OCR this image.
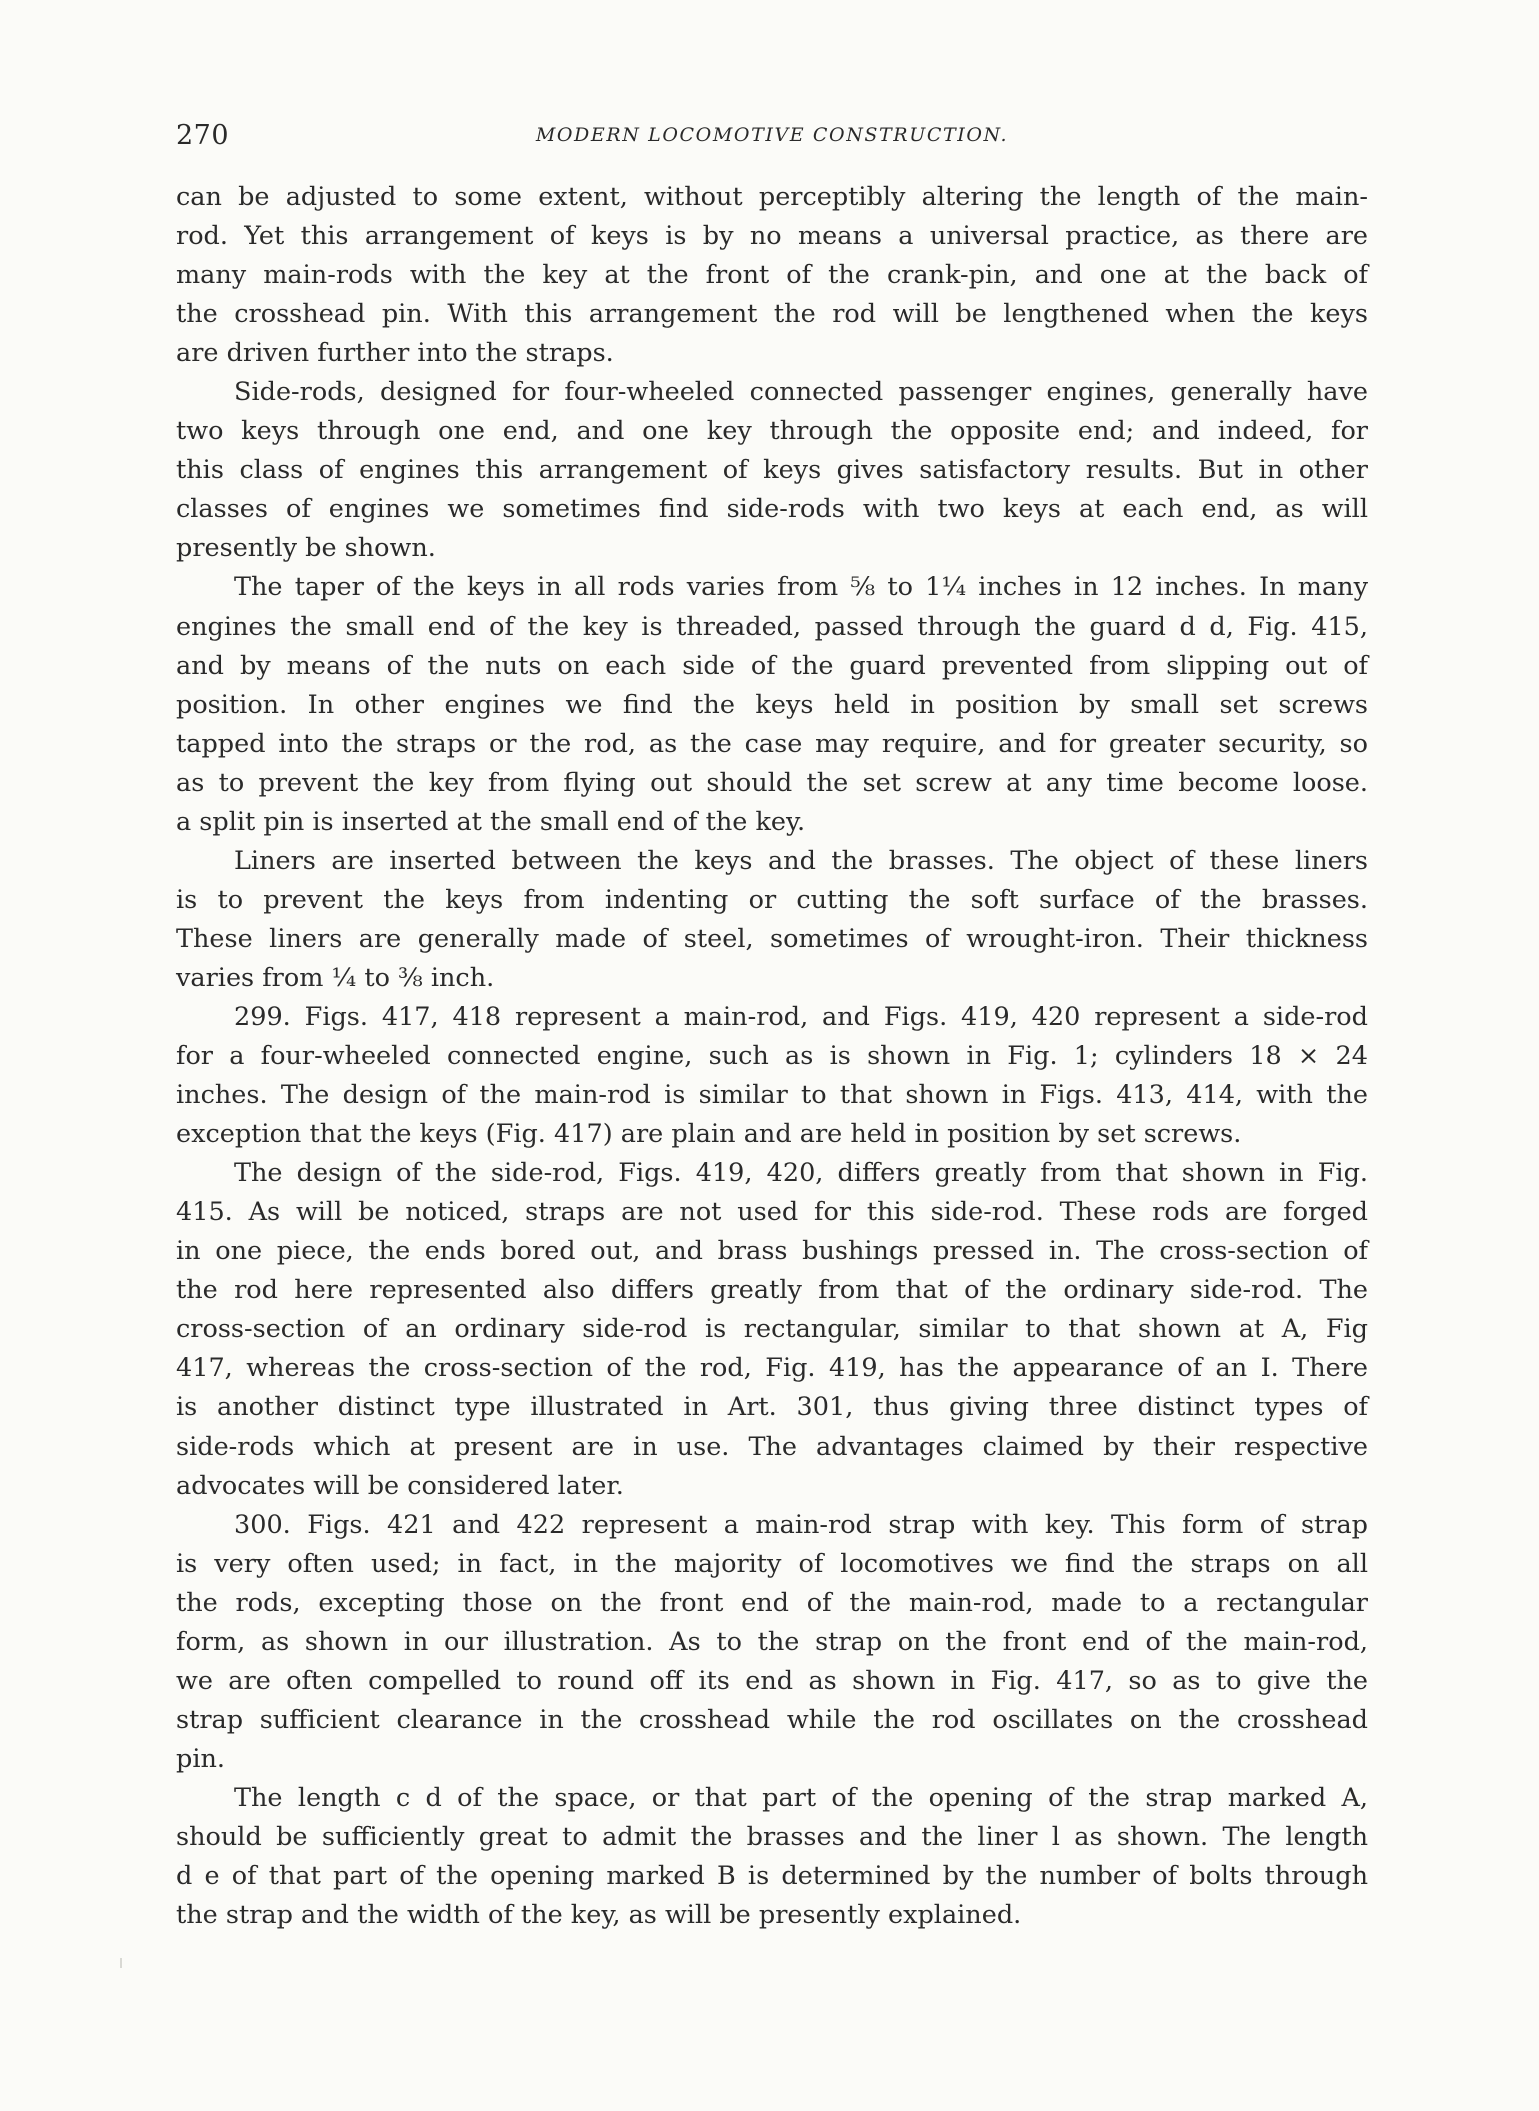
270	MODERN LOCOMOTIVE CONSTRUCTION.
can be adjusted to some extent, without perceptibly altering the length of the main-
rod. Yet this arrangement of keys is by no means a universal practice, as there are
many main-rods with the key at the front of the crank-pin, and one at the back of
the crosshead pin. With this arrangement the rod will be lengthened when the keys
are driven further into the straps.
Side-rods, designed for four-wheeled connected passenger engines, generally have
two keys through one end, and one key through the opposite end; and indeed, for
this class of engines this arrangement of keys gives satisfactory results. But in other
classes of engines we sometimes find side-rods with two keys at each end, as will
presently be shown.
The taper of the keys in all rods varies from ⅝ to 1¼ inches in 12 inches. In many
engines the small end of the key is threaded, passed through the guard d d, Fig. 415,
and by means of the nuts on each side of the guard prevented from slipping out of
position. In other engines we find the keys held in position by small set screws
tapped into the straps or the rod, as the case may require, and for greater security, so
as to prevent the key from flying out should the set screw at any time become loose.
a split pin is inserted at the small end of the key.
Liners are inserted between the keys and the brasses. The object of these liners
is to prevent the keys from indenting or cutting the soft surface of the brasses.
These liners are generally made of steel, sometimes of wrought-iron. Their thickness
varies from ¼ to ⅜ inch.
299. Figs. 417, 418 represent a main-rod, and Figs. 419, 420 represent a side-rod
for a four-wheeled connected engine, such as is shown in Fig. 1; cylinders 18 × 24
inches. The design of the main-rod is similar to that shown in Figs. 413, 414, with the
exception that the keys (Fig. 417) are plain and are held in position by set screws.
The design of the side-rod, Figs. 419, 420, differs greatly from that shown in Fig.
415. As will be noticed, straps are not used for this side-rod. These rods are forged
in one piece, the ends bored out, and brass bushings pressed in. The cross-section of
the rod here represented also differs greatly from that of the ordinary side-rod. The
cross-section of an ordinary side-rod is rectangular, similar to that shown at A, Fig
417, whereas the cross-section of the rod, Fig. 419, has the appearance of an I. There
is another distinct type illustrated in Art. 301, thus giving three distinct types of
side-rods which at present are in use. The advantages claimed by their respective
advocates will be considered later.
300. Figs. 421 and 422 represent a main-rod strap with key. This form of strap
is very often used; in fact, in the majority of locomotives we find the straps on all
the rods, excepting those on the front end of the main-rod, made to a rectangular
form, as shown in our illustration. As to the strap on the front end of the main-rod,
we are often compelled to round off its end as shown in Fig. 417, so as to give the
strap sufficient clearance in the crosshead while the rod oscillates on the crosshead
pin.
The length c d of the space, or that part of the opening of the strap marked A,
should be sufficiently great to admit the brasses and the liner l as shown. The length
d e of that part of the opening marked B is determined by the number of bolts through
the strap and the width of the key, as will be presently explained.
